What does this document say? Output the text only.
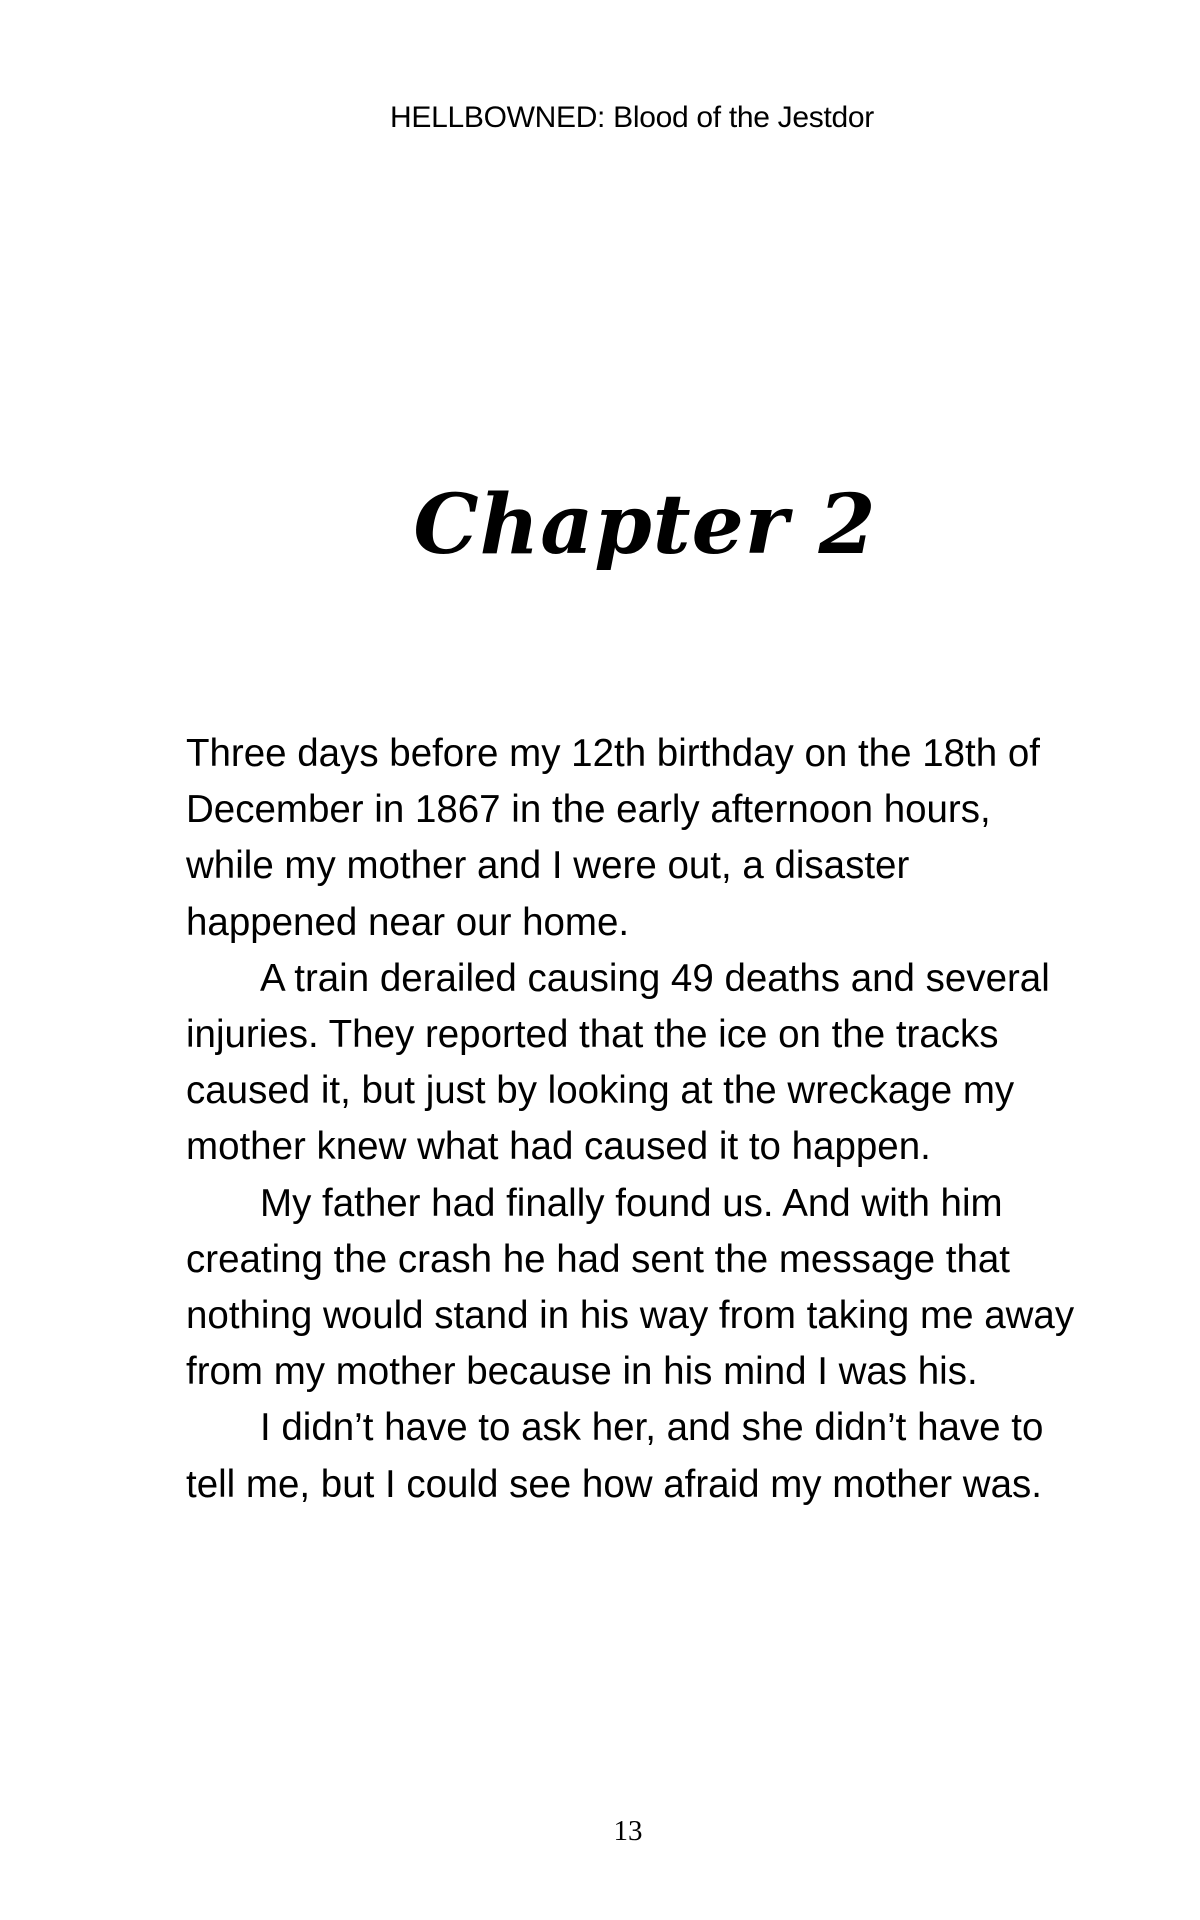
HELLBOWNED: Blood of the Jestdor
Chapter 2

Three days before my 12th birthday on the 18th of December in 1867 in the early afternoon hours, while my mother and I were out, a disaster happened near our home.

A train derailed causing 49 deaths and several injuries. They reported that the ice on the tracks caused it, but just by looking at the wreckage my mother knew what had caused it to happen.

My father had finally found us. And with him creating the crash he had sent the message that nothing would stand in his way from taking me away from my mother because in his mind I was his.

I didn’t have to ask her, and she didn’t have to tell me, but I could see how afraid my mother was.

13
